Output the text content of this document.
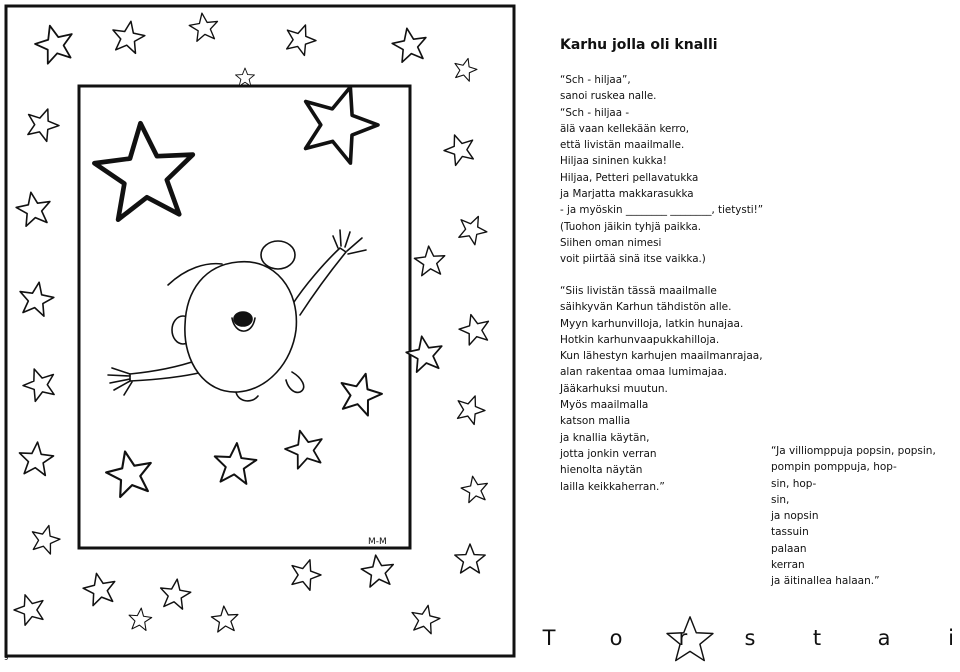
M-M
Karhu jolla oli knalli
“Sch - hiljaa”,
sanoi ruskea nalle.
“Sch - hiljaa -
älä vaan kellekään kerro,
että livistän maailmalle.
Hiljaa sininen kukka!
Hiljaa, Petteri pellavatukka
ja Marjatta makkarasukka
- ja myöskin ________ ________, tietysti!”
(Tuohon jäikin tyhjä paikka.
Siihen oman nimesi
voit piirtää sinä itse vaikka.)
“Siis livistän tässä maailmalle
säihkyvän Karhun tähdistön alle.
Myyn karhunvilloja, latkin hunajaa.
Hotkin karhunvaapukkahilloja.
Kun lähestyn karhujen maailmanrajaa,
alan rakentaa omaa lumimajaa.
Jääkarhuksi muutun.
Myös maailmalla
katson mallia
ja knallia käytän,
jotta jonkin verran
hienolta näytän
lailla keikkaherran.”
“Ja villiomppuja popsin, popsin,
pompin pomppuja, hop-
sin, hop-
sin,
ja nopsin
tassuin
palaan
kerran
ja äitinallea halaan.”
T	o	r	s	t	a	i
9
